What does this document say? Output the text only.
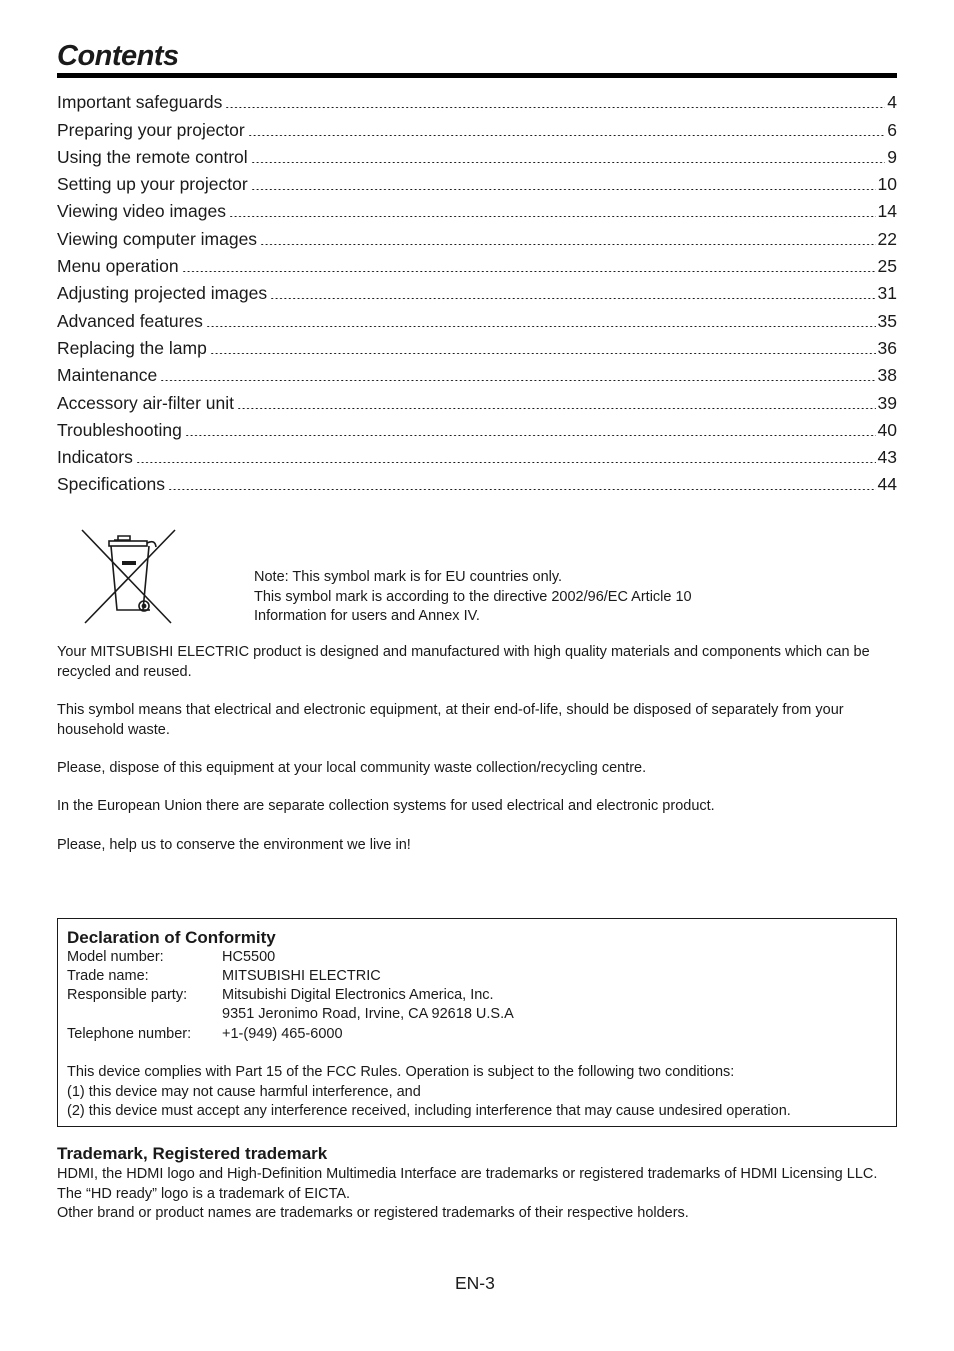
Contents
Important safeguards	4
Preparing your projector	6
Using the remote control	9
Setting up your projector	10
Viewing video images	14
Viewing computer images	22
Menu operation	25
Adjusting projected images	31
Advanced features	35
Replacing the lamp	36
Maintenance	38
Accessory air-filter unit	39
Troubleshooting	40
Indicators	43
Specifications	44
Note: This symbol mark is for EU countries only.
This symbol mark is according to the directive 2002/96/EC Article 10
Information for users and Annex IV.

Your MITSUBISHI ELECTRIC product is designed and manufactured with high quality materials and components which can be recycled and reused.

This symbol means that electrical and electronic equipment, at their end-of-life, should be disposed of separately from your household waste.

Please, dispose of this equipment at your local community waste collection/recycling centre.

In the European Union there are separate collection systems for used electrical and electronic product.

Please, help us to conserve the environment we live in!

Declaration of Conformity
Model number:	HC5500
Trade name:	MITSUBISHI ELECTRIC
Responsible party: Mitsubishi Digital Electronics America, Inc.
9351 Jeronimo Road, Irvine, CA 92618 U.S.A
Telephone number: +1-(949) 465-6000
This device complies with Part 15 of the FCC Rules. Operation is subject to the following two conditions:
(1) this device may not cause harmful interference, and
(2) this device must accept any interference received, including interference that may cause undesired operation.
Trademark, Registered trademark
HDMI, the HDMI logo and High-Definition Multimedia Interface are trademarks or registered trademarks of HDMI Licensing LLC.
The “HD ready” logo is a trademark of EICTA.
Other brand or product names are trademarks or registered trademarks of their respective holders.
EN-3
